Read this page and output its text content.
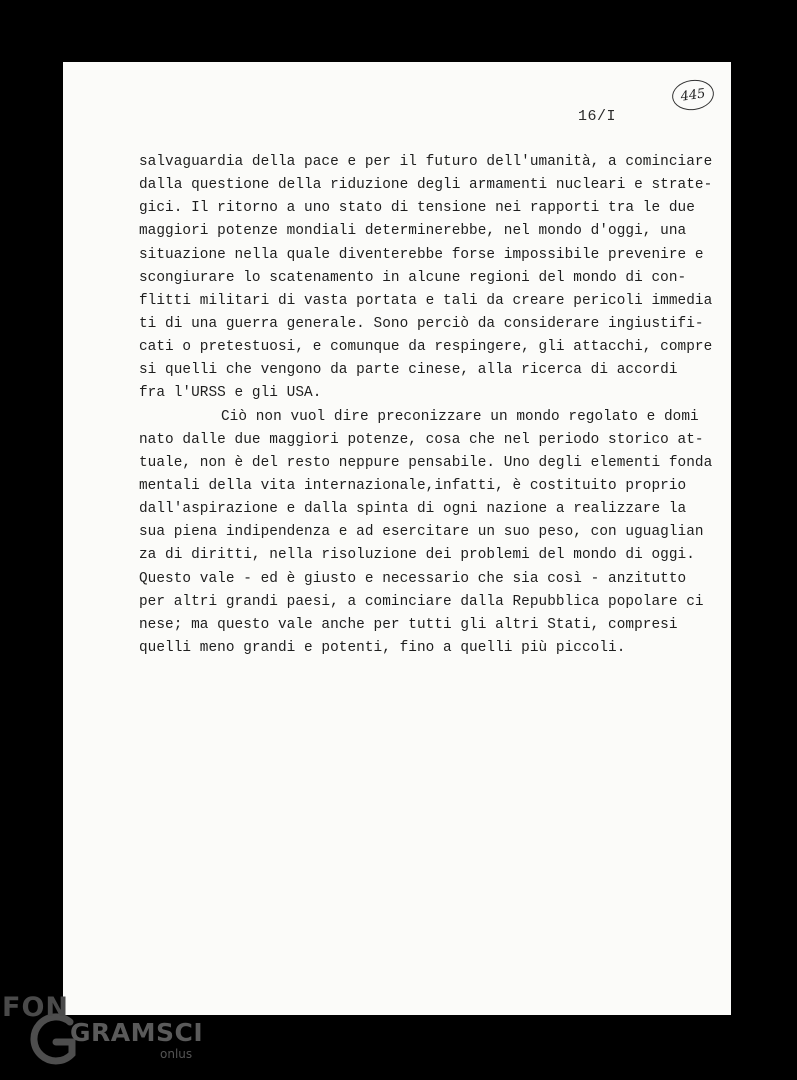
445
16/I
salvaguardia della pace e per il futuro dell'umanità, a cominciare
dalla questione della riduzione degli armamenti nucleari e strate-
gici. Il ritorno a uno stato di tensione nei rapporti tra le due
maggiori potenze mondiali determinerebbe, nel mondo d'oggi, una
situazione nella quale diventerebbe forse impossibile prevenire e
scongiurare lo scatenamento in alcune regioni del mondo di con-
flitti militari di vasta portata e tali da creare pericoli immedia
ti di una guerra generale. Sono perciò da considerare ingiustifi-
cati o pretestuosi, e comunque da respingere, gli attacchi, compre
si quelli che vengono da parte cinese, alla ricerca di accordi
fra l'URSS e gli USA.
Ciò non vuol dire preconizzare un mondo regolato e domi
nato dalle due maggiori potenze, cosa che nel periodo storico at-
tuale, non è del resto neppure pensabile. Uno degli elementi fonda
mentali della vita internazionale,infatti, è costituito proprio
dall'aspirazione e dalla spinta di ogni nazione a realizzare la
sua piena indipendenza e ad esercitare un suo peso, con uguaglian
za di diritti, nella risoluzione dei problemi del mondo di oggi.
Questo vale - ed è giusto e necessario che sia così - anzitutto
per altri grandi paesi, a cominciare dalla Repubblica popolare ci
nese; ma questo vale anche per tutti gli altri Stati, compresi
quelli meno grandi e potenti, fino a quelli più piccoli.
FON
GRAMSCI
onlus
